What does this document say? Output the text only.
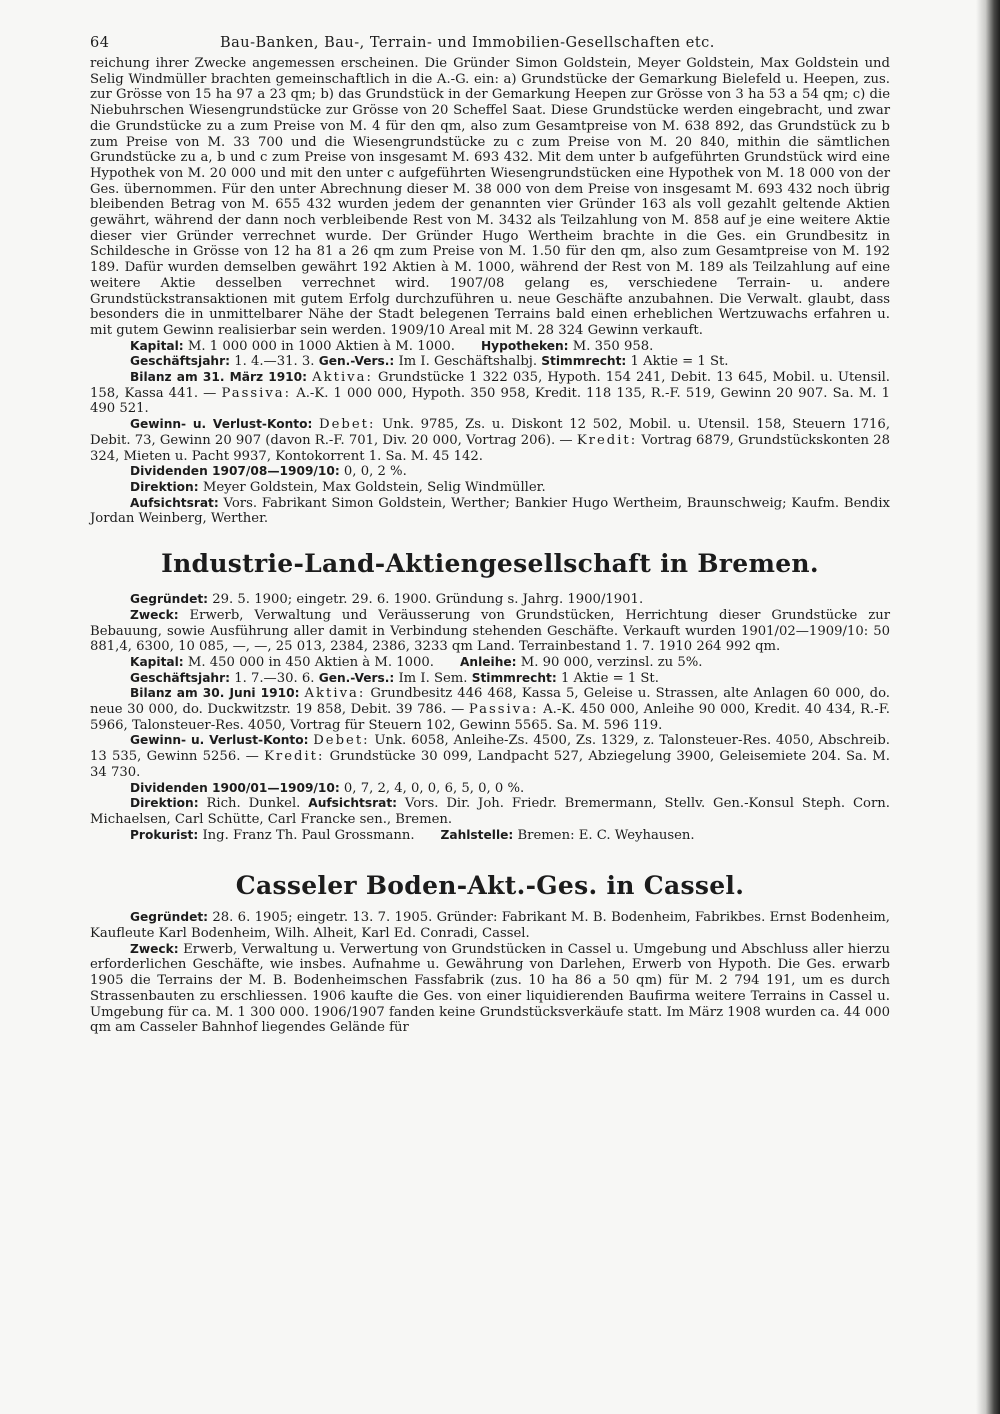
64	Bau-Banken, Bau-, Terrain- und Immobilien-Gesellschaften etc.

reichung ihrer Zwecke angemessen erscheinen. Die Gründer Simon Goldstein, Meyer Goldstein, Max Goldstein und Selig Windmüller brachten gemeinschaftlich in die A.-G. ein: a) Grundstücke der Gemarkung Bielefeld u. Heepen, zus. zur Grösse von 15 ha 97 a 23 qm; b) das Grundstück in der Gemarkung Heepen zur Grösse von 3 ha 53 a 54 qm; c) die Niebuhrschen Wiesengrundstücke zur Grösse von 20 Scheffel Saat. Diese Grundstücke werden eingebracht, und zwar die Grundstücke zu a zum Preise von M. 4 für den qm, also zum Gesamtpreise von M. 638 892, das Grundstück zu b zum Preise von M. 33 700 und die Wiesengrundstücke zu c zum Preise von M. 20 840, mithin die sämtlichen Grundstücke zu a, b und c zum Preise von insgesamt M. 693 432. Mit dem unter b aufgeführten Grundstück wird eine Hypothek von M. 20 000 und mit den unter c aufgeführten Wiesengrundstücken eine Hypothek von M. 18 000 von der Ges. übernommen. Für den unter Abrechnung dieser M. 38 000 von dem Preise von insgesamt M. 693 432 noch übrig bleibenden Betrag von M. 655 432 wurden jedem der genannten vier Gründer 163 als voll gezahlt geltende Aktien gewährt, während der dann noch verbleibende Rest von M. 3432 als Teilzahlung von M. 858 auf je eine weitere Aktie dieser vier Gründer verrechnet wurde. Der Gründer Hugo Wertheim brachte in die Ges. ein Grundbesitz in Schildesche in Grösse von 12 ha 81 a 26 qm zum Preise von M. 1.50 für den qm, also zum Gesamtpreise von M. 192 189. Dafür wurden demselben gewährt 192 Aktien à M. 1000, während der Rest von M. 189 als Teilzahlung auf eine weitere Aktie desselben verrechnet wird. 1907/08 gelang es, verschiedene Terrain- u. andere Grundstückstransaktionen mit gutem Erfolg durchzuführen u. neue Geschäfte anzubahnen. Die Verwalt. glaubt, dass besonders die in unmittelbarer Nähe der Stadt belegenen Terrains bald einen erheblichen Wertzuwachs erfahren u. mit gutem Gewinn realisierbar sein werden. 1909/10 Areal mit M. 28 324 Gewinn verkauft.

Kapital: M. 1 000 000 in 1000 Aktien à M. 1000. Hypotheken: M. 350 958.

Geschäftsjahr: 1. 4.—31. 3. Gen.-Vers.: Im I. Geschäftshalbj. Stimmrecht: 1 Aktie = 1 St.

Bilanz am 31. März 1910: Aktiva: Grundstücke 1 322 035, Hypoth. 154 241, Debit. 13 645, Mobil. u. Utensil. 158, Kassa 441. — Passiva: A.-K. 1 000 000, Hypoth. 350 958, Kredit. 118 135, R.-F. 519, Gewinn 20 907. Sa. M. 1 490 521.

Gewinn- u. Verlust-Konto: Debet: Unk. 9785, Zs. u. Diskont 12 502, Mobil. u. Utensil. 158, Steuern 1716, Debit. 73, Gewinn 20 907 (davon R.-F. 701, Div. 20 000, Vortrag 206). — Kredit: Vortrag 6879, Grundstückskonten 28 324, Mieten u. Pacht 9937, Kontokorrent 1. Sa. M. 45 142.

Dividenden 1907/08—1909/10: 0, 0, 2 %.

Direktion: Meyer Goldstein, Max Goldstein, Selig Windmüller.

Aufsichtsrat: Vors. Fabrikant Simon Goldstein, Werther; Bankier Hugo Wertheim, Braunschweig; Kaufm. Bendix Jordan Weinberg, Werther.

Industrie-Land-Aktiengesellschaft in Bremen.

Gegründet: 29. 5. 1900; eingetr. 29. 6. 1900. Gründung s. Jahrg. 1900/1901.

Zweck: Erwerb, Verwaltung und Veräusserung von Grundstücken, Herrichtung dieser Grundstücke zur Bebauung, sowie Ausführung aller damit in Verbindung stehenden Geschäfte. Verkauft wurden 1901/02—1909/10: 50 881,4, 6300, 10 085, —, —, 25 013, 2384, 2386, 3233 qm Land. Terrainbestand 1. 7. 1910 264 992 qm.

Kapital: M. 450 000 in 450 Aktien à M. 1000. Anleihe: M. 90 000, verzinsl. zu 5%.

Geschäftsjahr: 1. 7.—30. 6. Gen.-Vers.: Im I. Sem. Stimmrecht: 1 Aktie = 1 St.

Bilanz am 30. Juni 1910: Aktiva: Grundbesitz 446 468, Kassa 5, Geleise u. Strassen, alte Anlagen 60 000, do. neue 30 000, do. Duckwitzstr. 19 858, Debit. 39 786. — Passiva: A.-K. 450 000, Anleihe 90 000, Kredit. 40 434, R.-F. 5966, Talonsteuer-Res. 4050, Vortrag für Steuern 102, Gewinn 5565. Sa. M. 596 119.

Gewinn- u. Verlust-Konto: Debet: Unk. 6058, Anleihe-Zs. 4500, Zs. 1329, z. Talonsteuer-Res. 4050, Abschreib. 13 535, Gewinn 5256. — Kredit: Grundstücke 30 099, Landpacht 527, Abziegelung 3900, Geleisemiete 204. Sa. M. 34 730.

Dividenden 1900/01—1909/10: 0, 7, 2, 4, 0, 0, 6, 5, 0, 0 %.

Direktion: Rich. Dunkel. Aufsichtsrat: Vors. Dir. Joh. Friedr. Bremermann, Stellv. Gen.-Konsul Steph. Corn. Michaelsen, Carl Schütte, Carl Francke sen., Bremen.

Prokurist: Ing. Franz Th. Paul Grossmann. Zahlstelle: Bremen: E. C. Weyhausen.

Casseler Boden-Akt.-Ges. in Cassel.

Gegründet: 28. 6. 1905; eingetr. 13. 7. 1905. Gründer: Fabrikant M. B. Bodenheim, Fabrikbes. Ernst Bodenheim, Kaufleute Karl Bodenheim, Wilh. Alheit, Karl Ed. Conradi, Cassel.

Zweck: Erwerb, Verwaltung u. Verwertung von Grundstücken in Cassel u. Umgebung und Abschluss aller hierzu erforderlichen Geschäfte, wie insbes. Aufnahme u. Gewährung von Darlehen, Erwerb von Hypoth. Die Ges. erwarb 1905 die Terrains der M. B. Bodenheimschen Fassfabrik (zus. 10 ha 86 a 50 qm) für M. 2 794 191, um es durch Strassenbauten zu erschliessen. 1906 kaufte die Ges. von einer liquidierenden Baufirma weitere Terrains in Cassel u. Umgebung für ca. M. 1 300 000. 1906/1907 fanden keine Grundstücksverkäufe statt. Im März 1908 wurden ca. 44 000 qm am Casseler Bahnhof liegendes Gelände für
